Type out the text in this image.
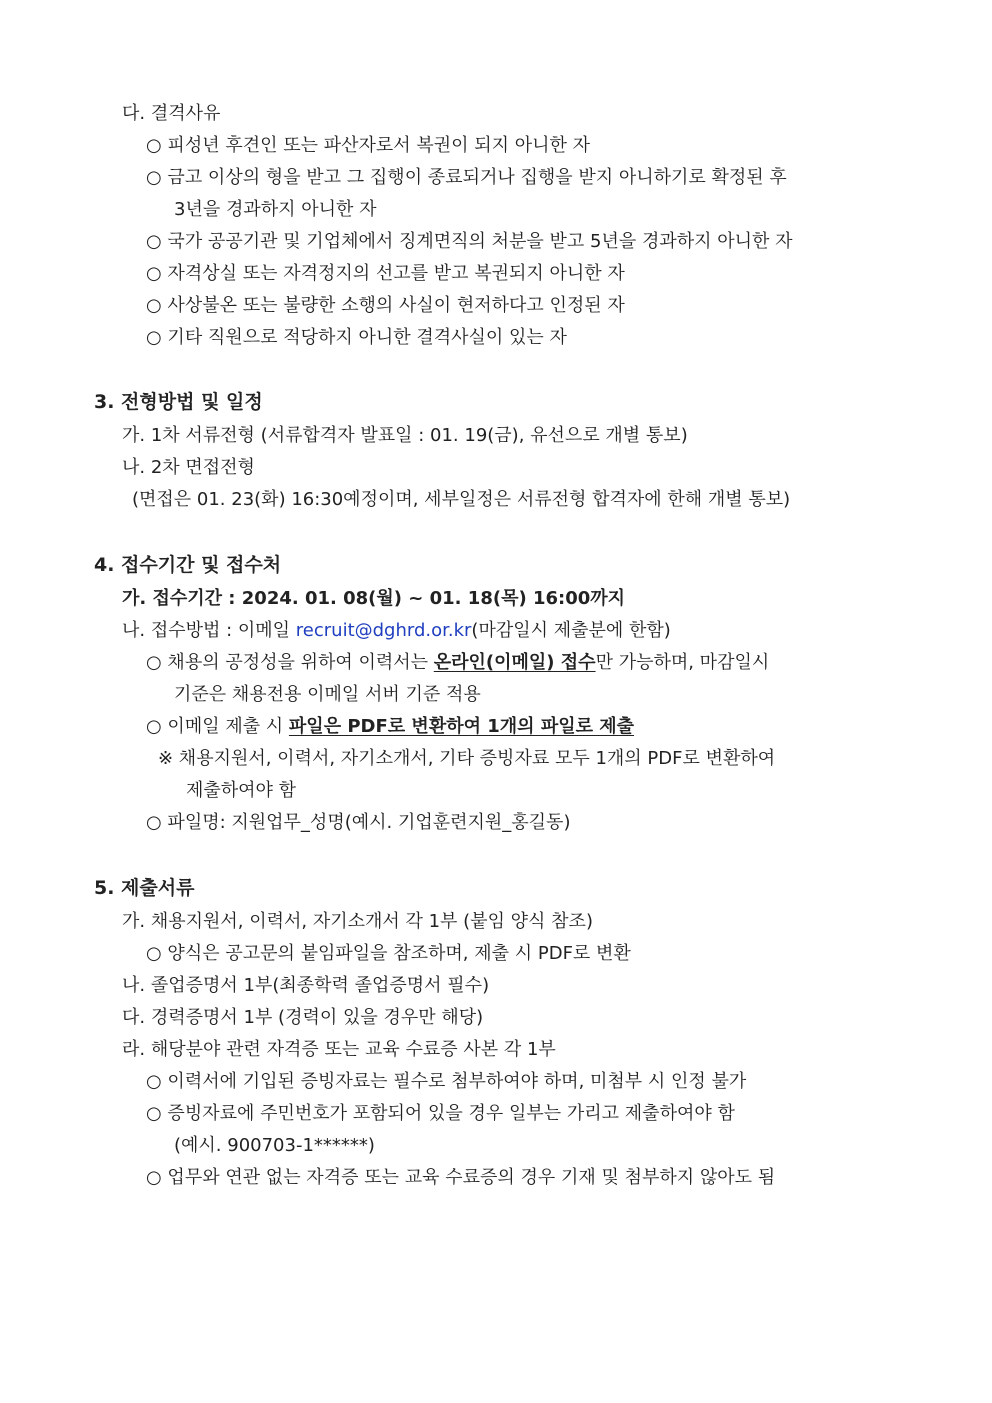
다. 결격사유
○ 피성년 후견인 또는 파산자로서 복권이 되지 아니한 자
○ 금고 이상의 형을 받고 그 집행이 종료되거나 집행을 받지 아니하기로 확정된 후
3년을 경과하지 아니한 자
○ 국가 공공기관 및 기업체에서 징계면직의 처분을 받고 5년을 경과하지 아니한 자
○ 자격상실 또는 자격정지의 선고를 받고 복권되지 아니한 자
○ 사상불온 또는 불량한 소행의 사실이 현저하다고 인정된 자
○ 기타 직원으로 적당하지 아니한 결격사실이 있는 자
3. 전형방법 및 일정
가. 1차 서류전형 (서류합격자 발표일 : 01. 19(금), 유선으로 개별 통보)
나. 2차 면접전형
(면접은 01. 23(화) 16:30예정이며, 세부일정은 서류전형 합격자에 한해 개별 통보)
4. 접수기간 및 접수처
가. 접수기간 : 2024. 01. 08(월) ~ 01. 18(목) 16:00까지
나. 접수방법 : 이메일 recruit@dghrd.or.kr(마감일시 제출분에 한함)
○ 채용의 공정성을 위하여 이력서는 온라인(이메일) 접수만 가능하며, 마감일시
기준은 채용전용 이메일 서버 기준 적용
○ 이메일 제출 시 파일은 PDF로 변환하여 1개의 파일로 제출
※ 채용지원서, 이력서, 자기소개서, 기타 증빙자료 모두 1개의 PDF로 변환하여
제출하여야 함
○ 파일명: 지원업무_성명(예시. 기업훈련지원_홍길동)
5. 제출서류
가. 채용지원서, 이력서, 자기소개서 각 1부 (붙임 양식 참조)
○ 양식은 공고문의 붙임파일을 참조하며, 제출 시 PDF로 변환
나. 졸업증명서 1부(최종학력 졸업증명서 필수)
다. 경력증명서 1부 (경력이 있을 경우만 해당)
라. 해당분야 관련 자격증 또는 교육 수료증 사본 각 1부
○ 이력서에 기입된 증빙자료는 필수로 첨부하여야 하며, 미첨부 시 인정 불가
○ 증빙자료에 주민번호가 포함되어 있을 경우 일부는 가리고 제출하여야 함
(예시. 900703-1******)
○ 업무와 연관 없는 자격증 또는 교육 수료증의 경우 기재 및 첨부하지 않아도 됨
